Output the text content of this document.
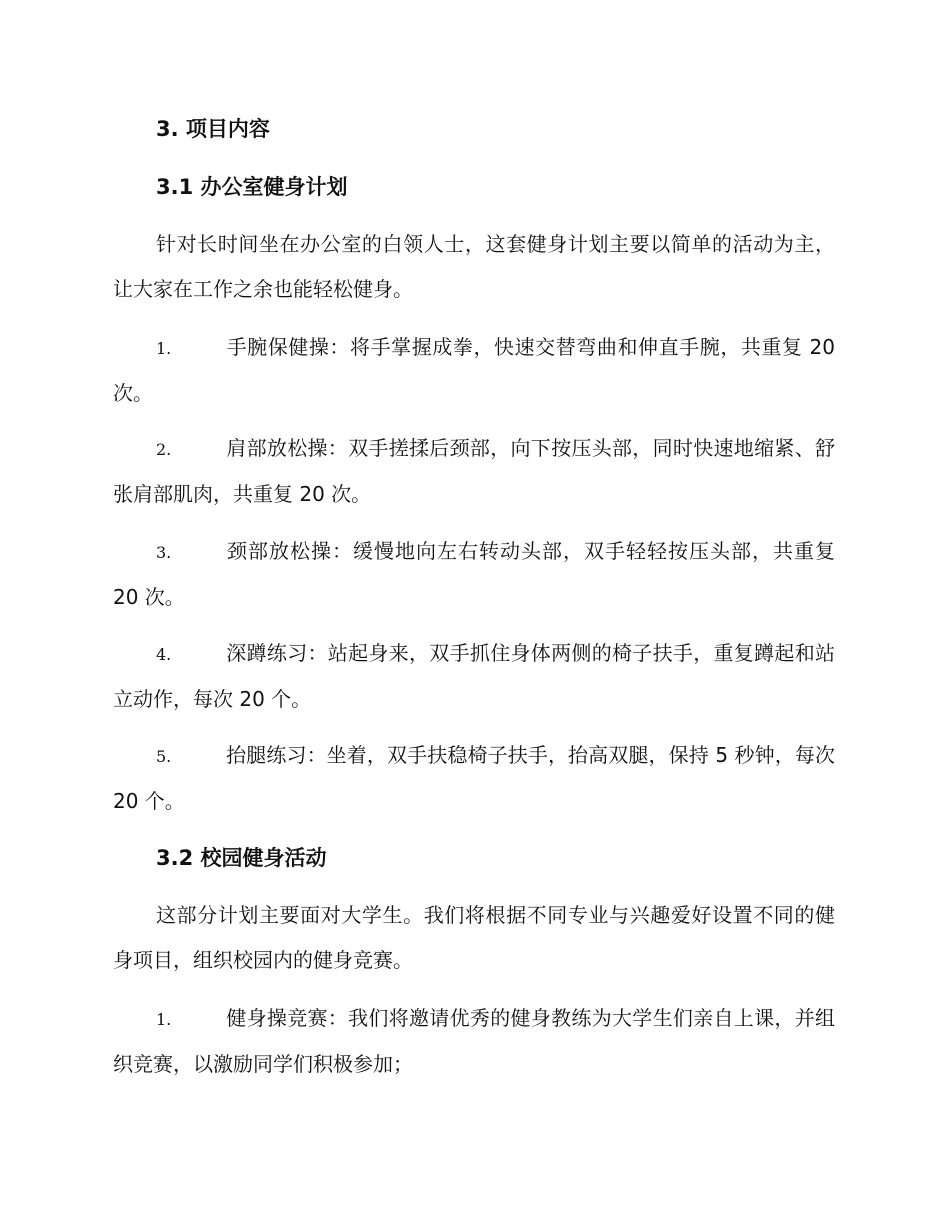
3. 项目内容
3.1 办公室健身计划
针对长时间坐在办公室的白领人士，这套健身计划主要以简单的活动为主，让大家在工作之余也能轻松健身。
1.	手腕保健操：将手掌握成拳，快速交替弯曲和伸直手腕，共重复 20 次。
2.	肩部放松操：双手搓揉后颈部，向下按压头部，同时快速地缩紧、舒张肩部肌肉，共重复 20 次。
3.	颈部放松操：缓慢地向左右转动头部，双手轻轻按压头部，共重复 20 次。
4.	深蹲练习：站起身来，双手抓住身体两侧的椅子扶手，重复蹲起和站立动作，每次 20 个。
5.	抬腿练习：坐着，双手扶稳椅子扶手，抬高双腿，保持 5 秒钟，每次 20 个。
3.2 校园健身活动
这部分计划主要面对大学生。我们将根据不同专业与兴趣爱好设置不同的健身项目，组织校园内的健身竞赛。
1.	健身操竞赛：我们将邀请优秀的健身教练为大学生们亲自上课，并组织竞赛，以激励同学们积极参加；
